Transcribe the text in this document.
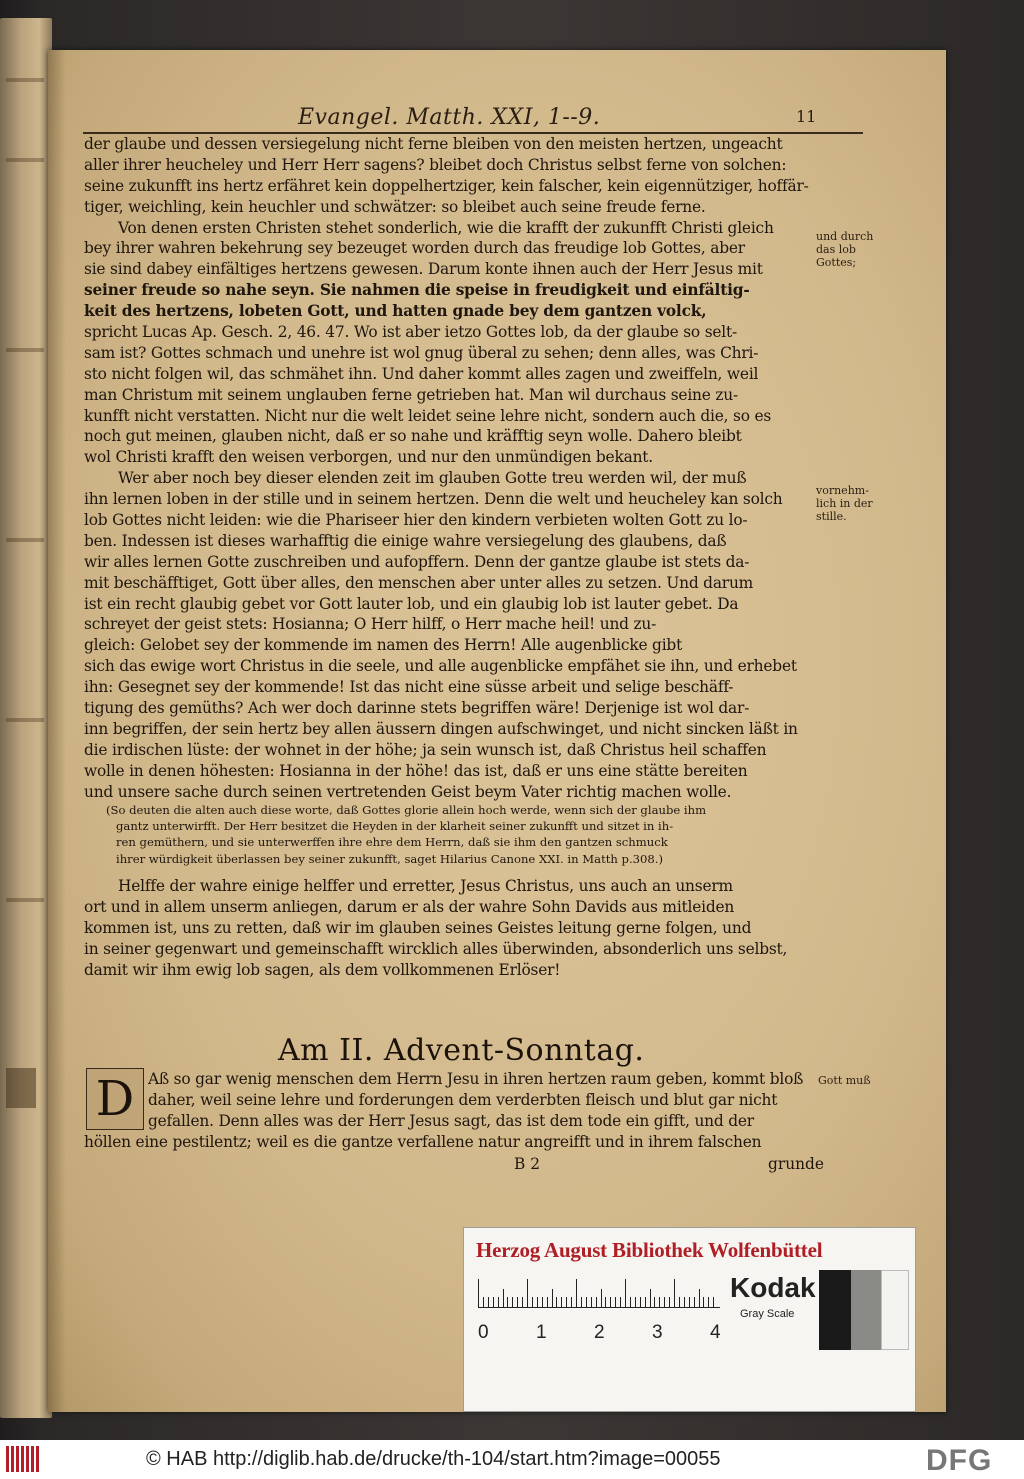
Evangel. Matth. XXI, 1--9.	11
der glaube und dessen versiegelung nicht ferne bleiben von den meisten hertzen, ungeacht
aller ihrer heucheley und Herr Herr sagens? bleibet doch Christus selbst ferne von solchen:
seine zukunfft ins hertz erfähret kein doppelhertziger, kein falscher, kein eigennütziger, hoffär-
tiger, weichling, kein heuchler und schwätzer: so bleibet auch seine freude ferne.
Von denen ersten Christen stehet sonderlich, wie die krafft der zukunfft Christi gleich
bey ihrer wahren bekehrung sey bezeuget worden durch das freudige lob Gottes, aber
sie sind dabey einfältiges hertzens gewesen. Darum konte ihnen auch der Herr Jesus mit
seiner freude so nahe seyn. Sie nahmen die speise in freudigkeit und einfältig-
keit des hertzens, lobeten Gott, und hatten gnade bey dem gantzen volck,
spricht Lucas Ap. Gesch. 2, 46. 47. Wo ist aber ietzo Gottes lob, da der glaube so selt-
sam ist? Gottes schmach und unehre ist wol gnug überal zu sehen; denn alles, was Chri-
sto nicht folgen wil, das schmähet ihn. Und daher kommt alles zagen und zweiffeln, weil
man Christum mit seinem unglauben ferne getrieben hat. Man wil durchaus seine zu-
kunfft nicht verstatten. Nicht nur die welt leidet seine lehre nicht, sondern auch die, so es
noch gut meinen, glauben nicht, daß er so nahe und kräfftig seyn wolle. Dahero bleibt
wol Christi krafft den weisen verborgen, und nur den unmündigen bekant.
Wer aber noch bey dieser elenden zeit im glauben Gotte treu werden wil, der muß
ihn lernen loben in der stille und in seinem hertzen. Denn die welt und heucheley kan solch
lob Gottes nicht leiden: wie die Phariseer hier den kindern verbieten wolten Gott zu lo-
ben. Indessen ist dieses warhafftig die einige wahre versiegelung des glaubens, daß
wir alles lernen Gotte zuschreiben und aufopffern. Denn der gantze glaube ist stets da-
mit beschäfftiget, Gott über alles, den menschen aber unter alles zu setzen. Und darum
ist ein recht glaubig gebet vor Gott lauter lob, und ein glaubig lob ist lauter gebet. Da
schreyet der geist stets: Hosianna; O Herr hilff, o Herr mache heil! und zu-
gleich: Gelobet sey der kommende im namen des Herrn! Alle augenblicke gibt
sich das ewige wort Christus in die seele, und alle augenblicke empfähet sie ihn, und erhebet
ihn: Gesegnet sey der kommende! Ist das nicht eine süsse arbeit und selige beschäff-
tigung des gemüths? Ach wer doch darinne stets begriffen wäre! Derjenige ist wol dar-
inn begriffen, der sein hertz bey allen äussern dingen aufschwinget, und nicht sincken läßt in
die irdischen lüste: der wohnet in der höhe; ja sein wunsch ist, daß Christus heil schaffen
wolle in denen höhesten: Hosianna in der höhe! das ist, daß er uns eine stätte bereiten
und unsere sache durch seinen vertretenden Geist beym Vater richtig machen wolle.
(So deuten die alten auch diese worte, daß Gottes glorie allein hoch werde, wenn sich der glaube ihm
gantz unterwirfft. Der Herr besitzet die Heyden in der klarheit seiner zukunfft und sitzet in ih-
ren gemüthern, und sie unterwerffen ihre ehre dem Herrn, daß sie ihm den gantzen schmuck
ihrer würdigkeit überlassen bey seiner zukunfft, saget Hilarius Canone XXI. in Matth p.308.)
Helffe der wahre einige helffer und erretter, Jesus Christus, uns auch an unserm
ort und in allem unserm anliegen, darum er als der wahre Sohn Davids aus mitleiden
kommen ist, uns zu retten, daß wir im glauben seines Geistes leitung gerne folgen, und
in seiner gegenwart und gemeinschafft wircklich alles überwinden, absonderlich uns selbst,
damit wir ihm ewig lob sagen, als dem vollkommenen Erlöser!
Am II. Advent-Sonntag.
D Aß so gar wenig menschen dem Herrn Jesu in ihren hertzen raum geben, kommt bloß
daher, weil seine lehre und forderungen dem verderbten fleisch und blut gar nicht
gefallen. Denn alles was der Herr Jesus sagt, das ist dem tode ein gifft, und der
höllen eine pestilentz; weil es die gantze verfallene natur angreifft und in ihrem falschen
B 2	grunde
und durch
das lob
Gottes;
vornehm-
lich in der
stille.
Gott muß
Herzog August Bibliothek Wolfenbüttel
0 1 2 3 4
Kodak
Gray Scale
© HAB http://diglib.hab.de/drucke/th-104/start.htm?image=00055	DFG
